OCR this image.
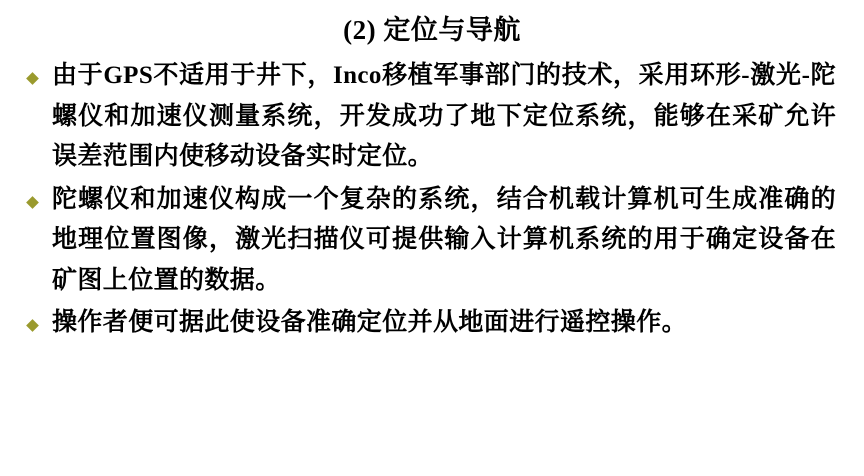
(2) 定位与导航
由于GPS不适用于井下，Inco移植军事部门的技术，采用环形-激光-陀螺仪和加速仪测量系统，开发成功了地下定位系统，能够在采矿允许误差范围内使移动设备实时定位。
陀螺仪和加速仪构成一个复杂的系统，结合机载计算机可生成准确的地理位置图像，激光扫描仪可提供输入计算机系统的用于确定设备在矿图上位置的数据。
操作者便可据此使设备准确定位并从地面进行遥控操作。
